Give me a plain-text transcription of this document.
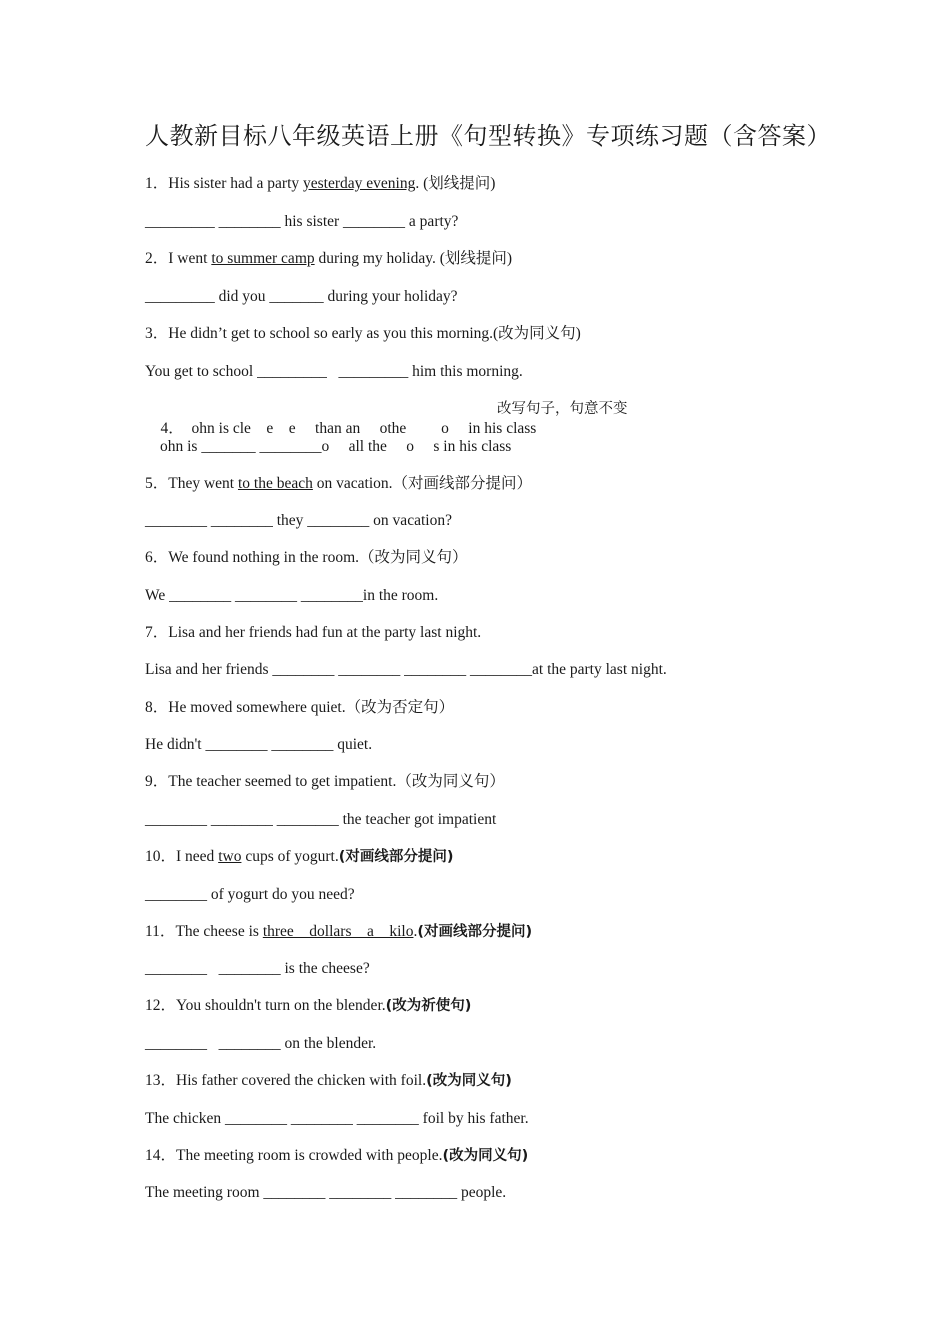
人教新目标八年级英语上册《句型转换》专项练习题（含答案）
1．His sister had a party yesterday evening. (划线提问)
_________ ________ his sister ________ a party?
2．I went to summer camp during my holiday. (划线提问)
_________ did you _______ during your holiday?
3．He didn’t get to school so early as you this morning.(改为同义句)
You get to school _________   _________ him this morning.

4．  ohn is cle    e    e     than an     othe         o     in his class

改写句子，句意不变
ohn is _______ ________o     all the     o     s in his class
5．They went to the beach on vacation.（对画线部分提问）
________ ________ they ________ on vacation?
6．We found nothing in the room.（改为同义句）
We ________ ________ ________in the room.
7．Lisa and her friends had fun at the party last night.
Lisa and her friends ________ ________ ________ ________at the party last night.
8．He moved somewhere quiet.（改为否定句）
He didn't ________ ________ quiet.
9．The teacher seemed to get impatient.（改为同义句）
________ ________ ________ the teacher got impatient
10．I need two cups of yogurt.(对画线部分提问)
________ of yogurt do you need?
11．The cheese is three__dollars__a__kilo.(对画线部分提问)
________   ________ is the cheese?
12．You shouldn't turn on the blender.(改为祈使句)
________   ________ on the blender.
13．His father covered the chicken with foil.(改为同义句)
The chicken ________ ________ ________ foil by his father.
14．The meeting room is crowded with people.(改为同义句)
The meeting room ________ ________ ________ people.
